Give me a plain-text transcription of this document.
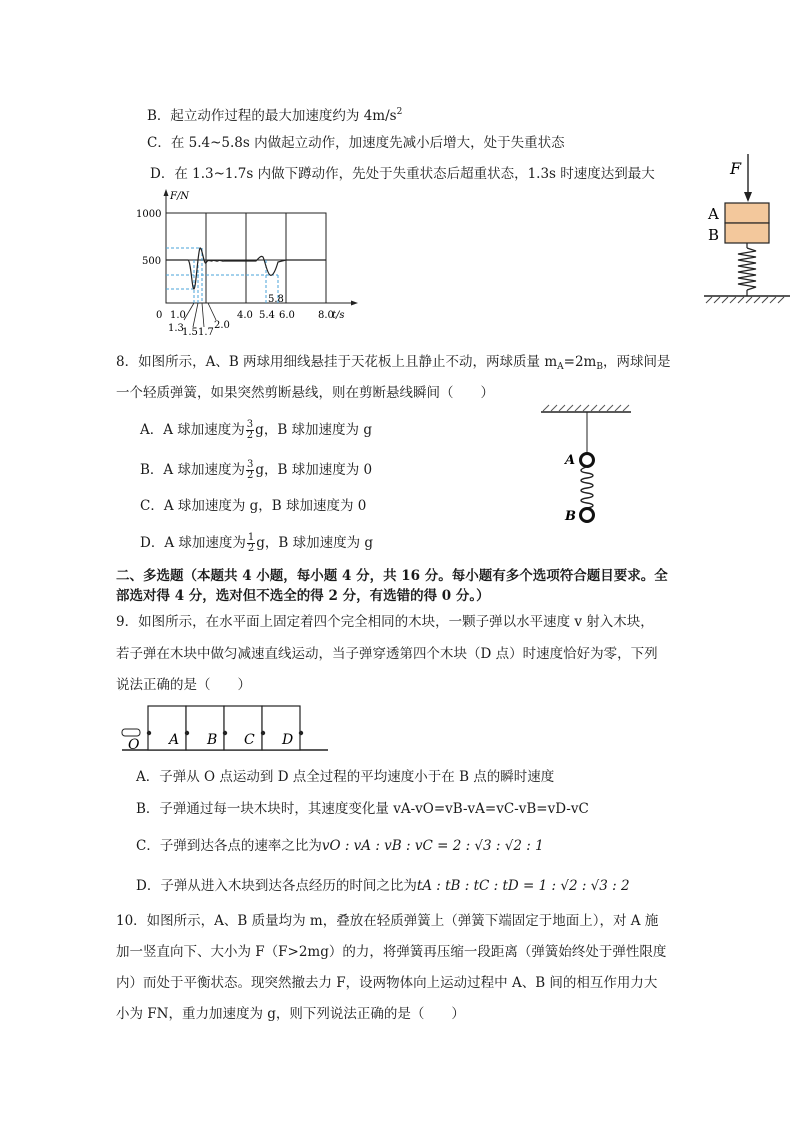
B．起立动作过程的最大加速度约为 $4m/s^2$
C．在 5.4~5.8s 内做起立动作，加速度先减小后增大，处于失重状态
D．在 1.3~1.7s 内做下蹲动作，先处于失重状态后超重状态，1.3s 时速度达到最大
F/N
t/s
1000
500
0 1.0	4.0 5.4 6.0 8.0
5.8
1.3
1.5 1.7
2.0
8．如图所示，A、B 两球用细线悬挂于天花板上且静止不动，两球质量 $m_A=2m_B$，两球间是
一个轻质弹簧，如果突然剪断悬线，则在剪断悬线瞬间（　　）
A．A 球加速度为 $\frac{3}{2}$ g，B 球加速度为 g
B．A 球加速度为 $\frac{3}{2}$ g，B 球加速度为 0
C．A 球加速度为 g，B 球加速度为 0
D．A 球加速度为 $\frac{1}{2}$ g，B 球加速度为 g
A
B
二、多选题（本题共 4 小题，每小题 4 分，共 16 分。每小题有多个选项符合题目要求。全
部选对得 4 分，选对但不选全的得 2 分，有选错的得 0 分。）
9．如图所示，在水平面上固定着四个完全相同的木块，一颗子弹以水平速度 v 射入木块，
若子弹在木块中做匀减速直线运动，当子弹穿透第四个木块（D 点）时速度恰好为零，下列
说法正确的是（　　）
O A B C D
A．子弹从 O 点运动到 D 点全过程的平均速度小于在 B 点的瞬时速度
B．子弹通过每一块木块时，其速度变化量 vA-vO=vB-vA=vC-vB=vD-vC
C．子弹到达各点的速率之比为vO : vA : vB : vC = 2 : √3 : √2 : 1
D．子弹从进入木块到达各点经历的时间之比为tA : tB : tC : tD = 1 : √2 : √3 : 2
10．如图所示，A、B 质量均为 m，叠放在轻质弹簧上（弹簧下端固定于地面上），对 A 施
加一竖直向下、大小为 F（F>2mg）的力，将弹簧再压缩一段距离（弹簧始终处于弹性限度
内）而处于平衡状态。现突然撤去力 F，设两物体向上运动过程中 A、B 间的相互作用力大
小为 FN，重力加速度为 g，则下列说法正确的是（　　）
F
A
B
